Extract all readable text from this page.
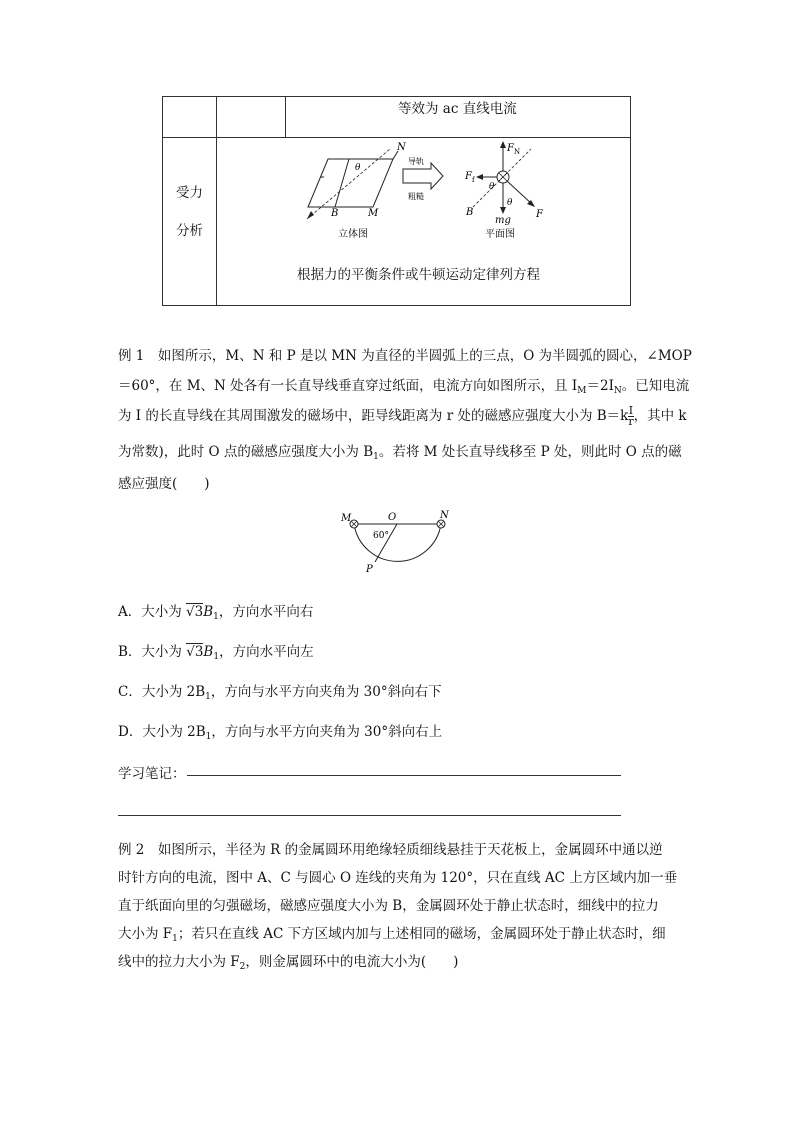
等效为 ac 直线电流
受力
分析
N
B	M
θ
立体图
导轨
粗糙
F N
F f
θ
θ
F
mg
B
平面图
根据力的平衡条件或牛顿运动定律列方程
例 1　如图所示，M、N 和 P 是以 MN 为直径的半圆弧上的三点，O 为半圆弧的圆心，∠MOP
＝60°，在 M、N 处各有一长直导线垂直穿过纸面，电流方向如图所示，且 $I_M=2I_N$。已知电流
为 I 的长直导线在其周围激发的磁场中，距导线距离为 r 处的磁感应强度大小为 $B=k \frac{I}{r}$ ，其中 k
为常数)，此时 O 点的磁感应强度大小为 $B_1$。若将 M 处长直导线移至 P 处，则此时 O 点的磁
感应强度(　　)
M	O	N
P
60°
A．大小为 $√3B_1$，方向水平向右
B．大小为 $√3B_1$，方向水平向左
C．大小为 $2B_1$，方向与水平方向夹角为 30°斜向右下
D．大小为 $2B_1$，方向与水平方向夹角为 30°斜向右上
学习笔记：
例 2　如图所示，半径为 R 的金属圆环用绝缘轻质细线悬挂于天花板上，金属圆环中通以逆
时针方向的电流，图中 A、C 与圆心 O 连线的夹角为 120°，只在直线 AC 上方区域内加一垂
直于纸面向里的匀强磁场，磁感应强度大小为 B，金属圆环处于静止状态时，细线中的拉力
大小为 $F_1$；若只在直线 AC 下方区域内加与上述相同的磁场，金属圆环处于静止状态时，细
线中的拉力大小为 $F_2$，则金属圆环中的电流大小为(　　)
